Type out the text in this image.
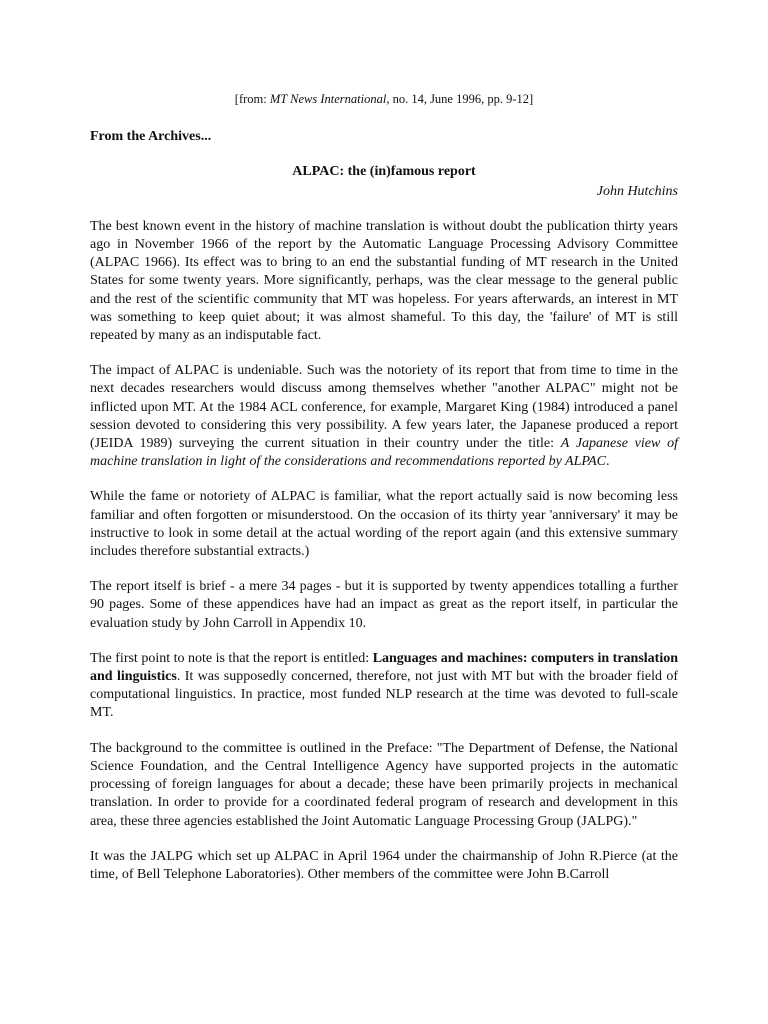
[from: MT News International, no. 14, June 1996, pp. 9-12]

From the Archives...

ALPAC: the (in)famous report

John Hutchins

The best known event in the history of machine translation is without doubt the publication thirty years ago in November 1966 of the report by the Automatic Language Processing Advisory Committee (ALPAC 1966). Its effect was to bring to an end the substantial funding of MT research in the United States for some twenty years. More significantly, perhaps, was the clear message to the general public and the rest of the scientific community that MT was hopeless. For years afterwards, an interest in MT was something to keep quiet about; it was almost shameful. To this day, the 'failure' of MT is still repeated by many as an indisputable fact.

The impact of ALPAC is undeniable. Such was the notoriety of its report that from time to time in the next decades researchers would discuss among themselves whether "another ALPAC" might not be inflicted upon MT. At the 1984 ACL conference, for example, Margaret King (1984) introduced a panel session devoted to considering this very possibility. A few years later, the Japanese produced a report (JEIDA 1989) surveying the current situation in their country under the title: A Japanese view of machine translation in light of the considerations and recommendations reported by ALPAC.

While the fame or notoriety of ALPAC is familiar, what the report actually said is now becoming less familiar and often forgotten or misunderstood. On the occasion of its thirty year 'anniversary' it may be instructive to look in some detail at the actual wording of the report again (and this extensive summary includes therefore substantial extracts.)

The report itself is brief - a mere 34 pages - but it is supported by twenty appendices totalling a further 90 pages. Some of these appendices have had an impact as great as the report itself, in particular the evaluation study by John Carroll in Appendix 10.

The first point to note is that the report is entitled: Languages and machines: computers in translation and linguistics. It was supposedly concerned, therefore, not just with MT but with the broader field of computational linguistics. In practice, most funded NLP research at the time was devoted to full-scale MT.

The background to the committee is outlined in the Preface: "The Department of Defense, the National Science Foundation, and the Central Intelligence Agency have supported projects in the automatic processing of foreign languages for about a decade; these have been primarily projects in mechanical translation. In order to provide for a coordinated federal program of research and development in this area, these three agencies established the Joint Automatic Language Processing Group (JALPG)."

It was the JALPG which set up ALPAC in April 1964 under the chairmanship of John R.Pierce (at the time, of Bell Telephone Laboratories). Other members of the committee were John B.Carroll
